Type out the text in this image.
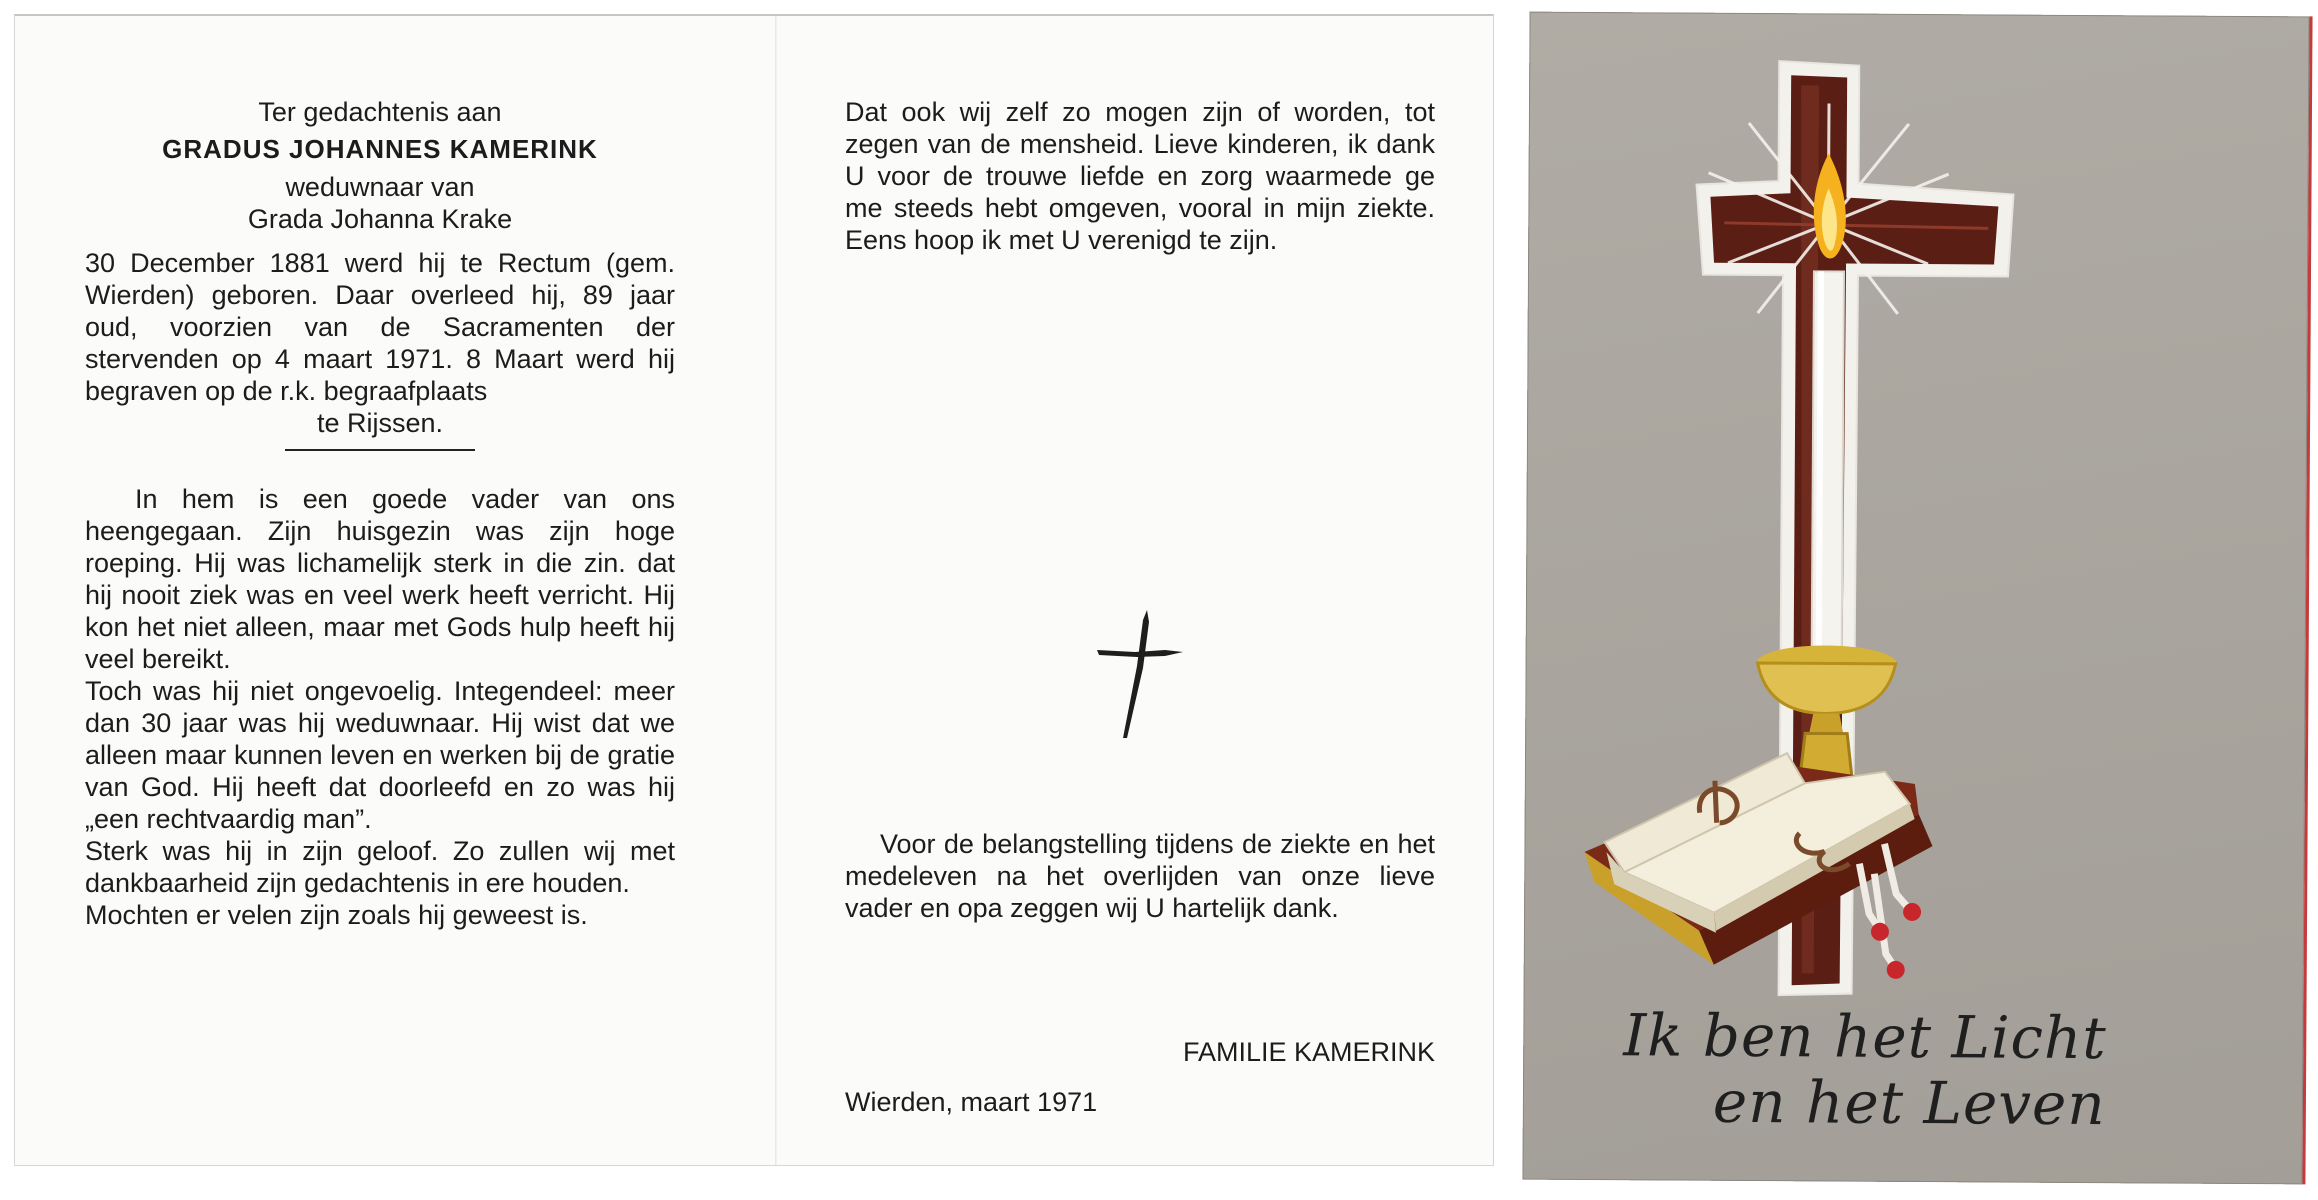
Ter gedachtenis aan

GRADUS JOHANNES KAMERINK

weduwnaar van

Grada Johanna Krake

30 December 1881 werd hij te Rectum (gem. Wierden) geboren. Daar overleed hij, 89 jaar oud, voorzien van de Sacramenten der stervenden op 4 maart 1971. 8 Maart werd hij begraven op de r.k. begraafplaats
te Rijssen.
In hem is een goede vader van ons heengegaan. Zijn huisgezin was zijn hoge roeping. Hij was lichamelijk sterk in die zin. dat hij nooit ziek was en veel werk heeft verricht. Hij kon het niet alleen, maar met Gods hulp heeft hij veel bereikt.
Toch was hij niet ongevoelig. Integendeel: meer dan 30 jaar was hij weduwnaar. Hij wist dat we alleen maar kunnen leven en werken bij de gratie van God. Hij heeft dat doorleefd en zo was hij „een rechtvaardig man”.
Sterk was hij in zijn geloof. Zo zullen wij met dankbaarheid zijn gedachtenis in ere houden.
Mochten er velen zijn zoals hij geweest is.
Dat ook wij zelf zo mogen zijn of worden, tot zegen van de mensheid. Lieve kinderen, ik dank U voor de trouwe liefde en zorg waarmede ge me steeds hebt omgeven, vooral in mijn ziekte. Eens hoop ik met U verenigd te zijn.
Voor de belangstelling tijdens de ziekte en het medeleven na het overlijden van onze lieve vader en opa zeggen wij U hartelijk dank.
FAMILIE KAMERINK
Wierden, maart 1971
Ik ben het Licht
en het Leven
